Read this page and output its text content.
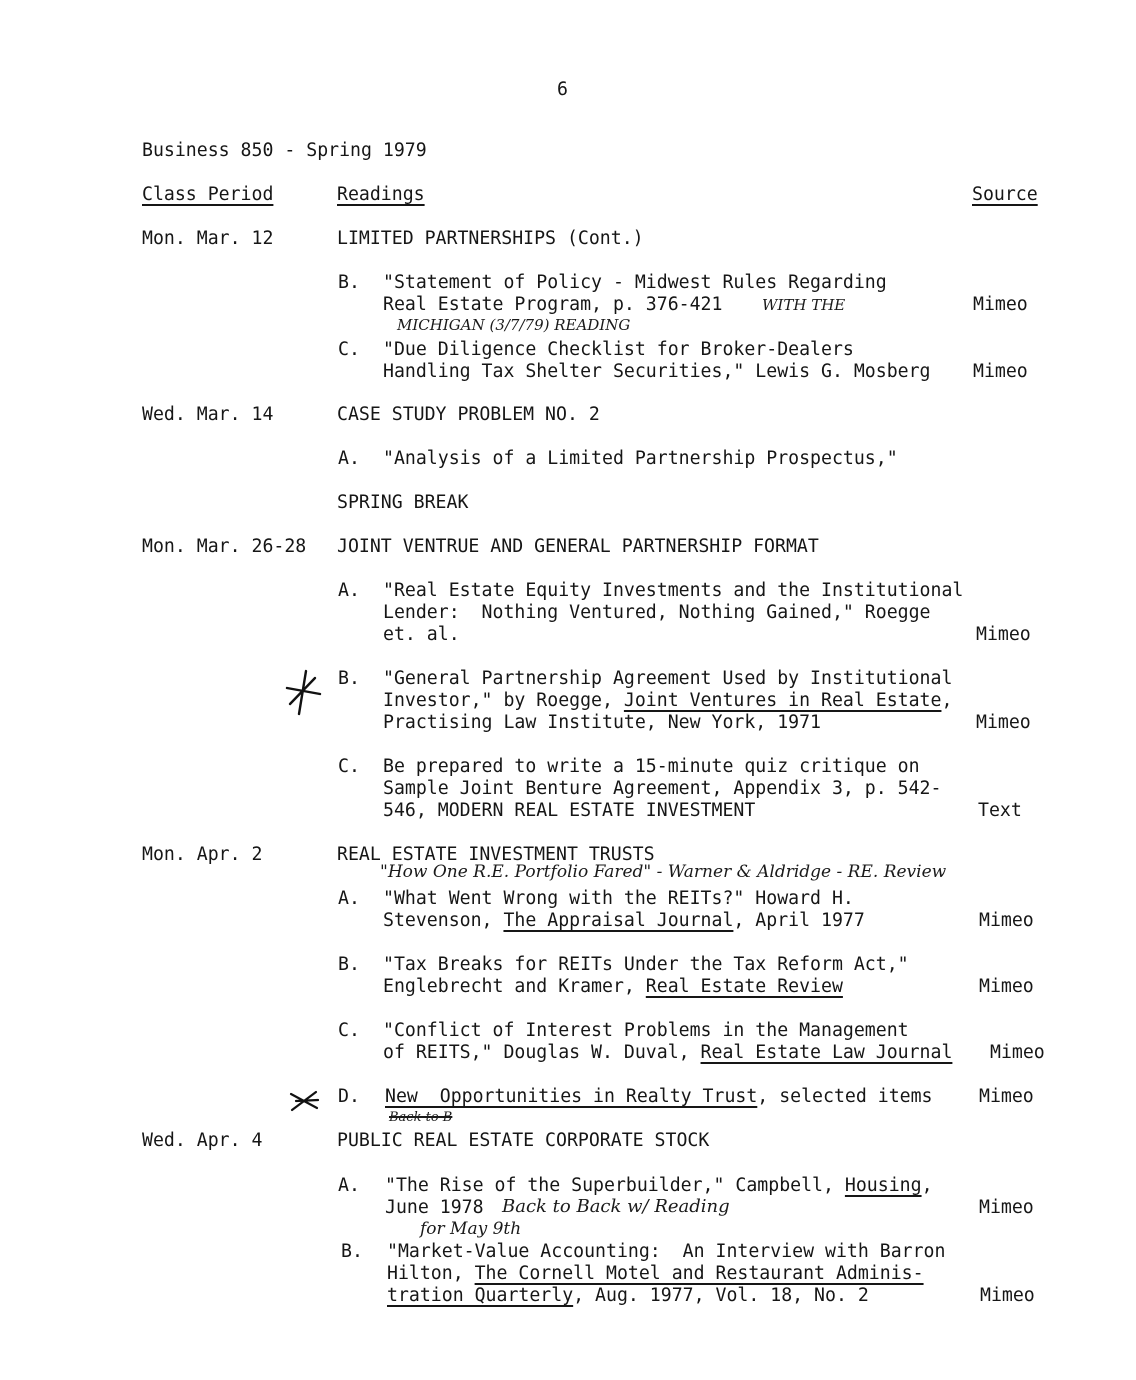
6
Business 850 - Spring 1979
Class Period	Readings	Source
Mon. Mar. 12	LIMITED PARTNERSHIPS (Cont.)
B. "Statement of Policy - Midwest Rules Regarding
Real Estate Program, p. 376-421	Mimeo
WITH THE
MICHIGAN (3/7/79) READING
C. "Due Diligence Checklist for Broker-Dealers
Handling Tax Shelter Securities," Lewis G. Mosberg Mimeo
Wed. Mar. 14	CASE STUDY PROBLEM NO. 2
A. "Analysis of a Limited Partnership Prospectus,"
SPRING BREAK
Mon. Mar. 26-28 JOINT VENTRUE AND GENERAL PARTNERSHIP FORMAT
A. "Real Estate Equity Investments and the Institutional
Lender:  Nothing Ventured, Nothing Gained," Roegge
et. al.	Mimeo
B. "General Partnership Agreement Used by Institutional
Investor," by Roegge, Joint Ventures in Real Estate,
Practising Law Institute, New York, 1971	Mimeo
C. Be prepared to write a 15-minute quiz critique on
Sample Joint Benture Agreement, Appendix 3, p. 542-
546, MODERN REAL ESTATE INVESTMENT	Text
Mon. Apr. 2	REAL ESTATE INVESTMENT TRUSTS
"How One R.E. Portfolio Fared" - Warner & Aldridge - RE. Review
A. "What Went Wrong with the REITs?" Howard H.
Stevenson, The Appraisal Journal, April 1977	Mimeo
B. "Tax Breaks for REITs Under the Tax Reform Act,"
Englebrecht and Kramer, Real Estate Review	Mimeo
C. "Conflict of Interest Problems in the Management
of REITS," Douglas W. Duval, Real Estate Law Journal Mimeo
D. New  Opportunities in Realty Trust, selected items	Mimeo
Back to B
Wed. Apr. 4	PUBLIC REAL ESTATE CORPORATE STOCK
A. "The Rise of the Superbuilder," Campbell, Housing,
June 1978	Mimeo
Back to Back w/ Reading
for May 9th
B. "Market-Value Accounting:  An Interview with Barron
Hilton, The Cornell Motel and Restaurant Adminis-
tration Quarterly, Aug. 1977, Vol. 18, No. 2	Mimeo
